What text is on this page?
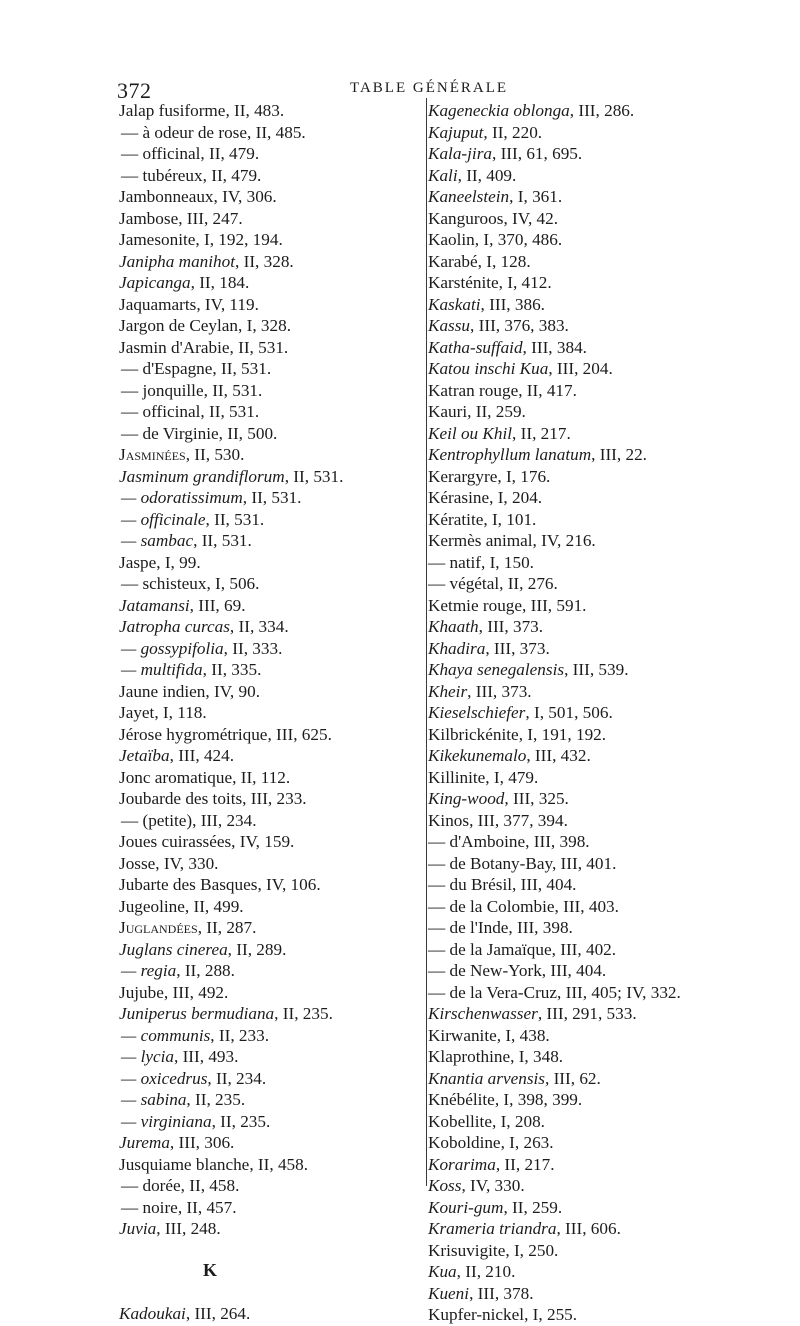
372	TABLE GÉNÉRALE
Jalap fusiforme, II, 483.
— à odeur de rose, II, 485.
— officinal, II, 479.
— tubéreux, II, 479.
Jambonneaux, IV, 306.
Jambose, III, 247.
Jamesonite, I, 192, 194.
Janipha manihot, II, 328.
Japicanga, II, 184.
Jaquamarts, IV, 119.
Jargon de Ceylan, I, 328.
Jasmin d'Arabie, II, 531.
— d'Espagne, II, 531.
— jonquille, II, 531.
— officinal, II, 531.
— de Virginie, II, 500.
Jasminées, II, 530.
Jasminum grandiflorum, II, 531.
— odoratissimum, II, 531.
— officinale, II, 531.
— sambac, II, 531.
Jaspe, I, 99.
— schisteux, I, 506.
Jatamansi, III, 69.
Jatropha curcas, II, 334.
— gossypifolia, II, 333.
— multifida, II, 335.
Jaune indien, IV, 90.
Jayet, I, 118.
Jérose hygrométrique, III, 625.
Jetaïba, III, 424.
Jonc aromatique, II, 112.
Joubarde des toits, III, 233.
— (petite), III, 234.
Joues cuirassées, IV, 159.
Josse, IV, 330.
Jubarte des Basques, IV, 106.
Jugeoline, II, 499.
Juglandées, II, 287.
Juglans cinerea, II, 289.
— regia, II, 288.
Jujube, III, 492.
Juniperus bermudiana, II, 235.
— communis, II, 233.
— lycia, III, 493.
— oxicedrus, II, 234.
— sabina, II, 235.
— virginiana, II, 235.
Jurema, III, 306.
Jusquiame blanche, II, 458.
— dorée, II, 458.
— noire, II, 457.
Juvia, III, 248.
K
Kadoukai, III, 264.
Kageneckia oblonga, III, 286.
Kajuput, II, 220.
Kala-jira, III, 61, 695.
Kali, II, 409.
Kaneelstein, I, 361.
Kanguroos, IV, 42.
Kaolin, I, 370, 486.
Karabé, I, 128.
Karsténite, I, 412.
Kaskati, III, 386.
Kassu, III, 376, 383.
Katha-suffaid, III, 384.
Katou inschi Kua, III, 204.
Katran rouge, II, 417.
Kauri, II, 259.
Keil ou Khil, II, 217.
Kentrophyllum lanatum, III, 22.
Kerargyre, I, 176.
Kérasine, I, 204.
Kératite, I, 101.
Kermès animal, IV, 216.
— natif, I, 150.
— végétal, II, 276.
Ketmie rouge, III, 591.
Khaath, III, 373.
Khadira, III, 373.
Khaya senegalensis, III, 539.
Kheir, III, 373.
Kieselschiefer, I, 501, 506.
Kilbrickénite, I, 191, 192.
Kikekunemalo, III, 432.
Killinite, I, 479.
King-wood, III, 325.
Kinos, III, 377, 394.
— d'Amboine, III, 398.
— de Botany-Bay, III, 401.
— du Brésil, III, 404.
— de la Colombie, III, 403.
— de l'Inde, III, 398.
— de la Jamaïque, III, 402.
— de New-York, III, 404.
— de la Vera-Cruz, III, 405; IV, 332.
Kirschenwasser, III, 291, 533.
Kirwanite, I, 438.
Klaprothine, I, 348.
Knantia arvensis, III, 62.
Knébélite, I, 398, 399.
Kobellite, I, 208.
Koboldine, I, 263.
Korarima, II, 217.
Koss, IV, 330.
Kouri-gum, II, 259.
Krameria triandra, III, 606.
Krisuvigite, I, 250.
Kua, II, 210.
Kueni, III, 378.
Kupfer-nickel, I, 255.
